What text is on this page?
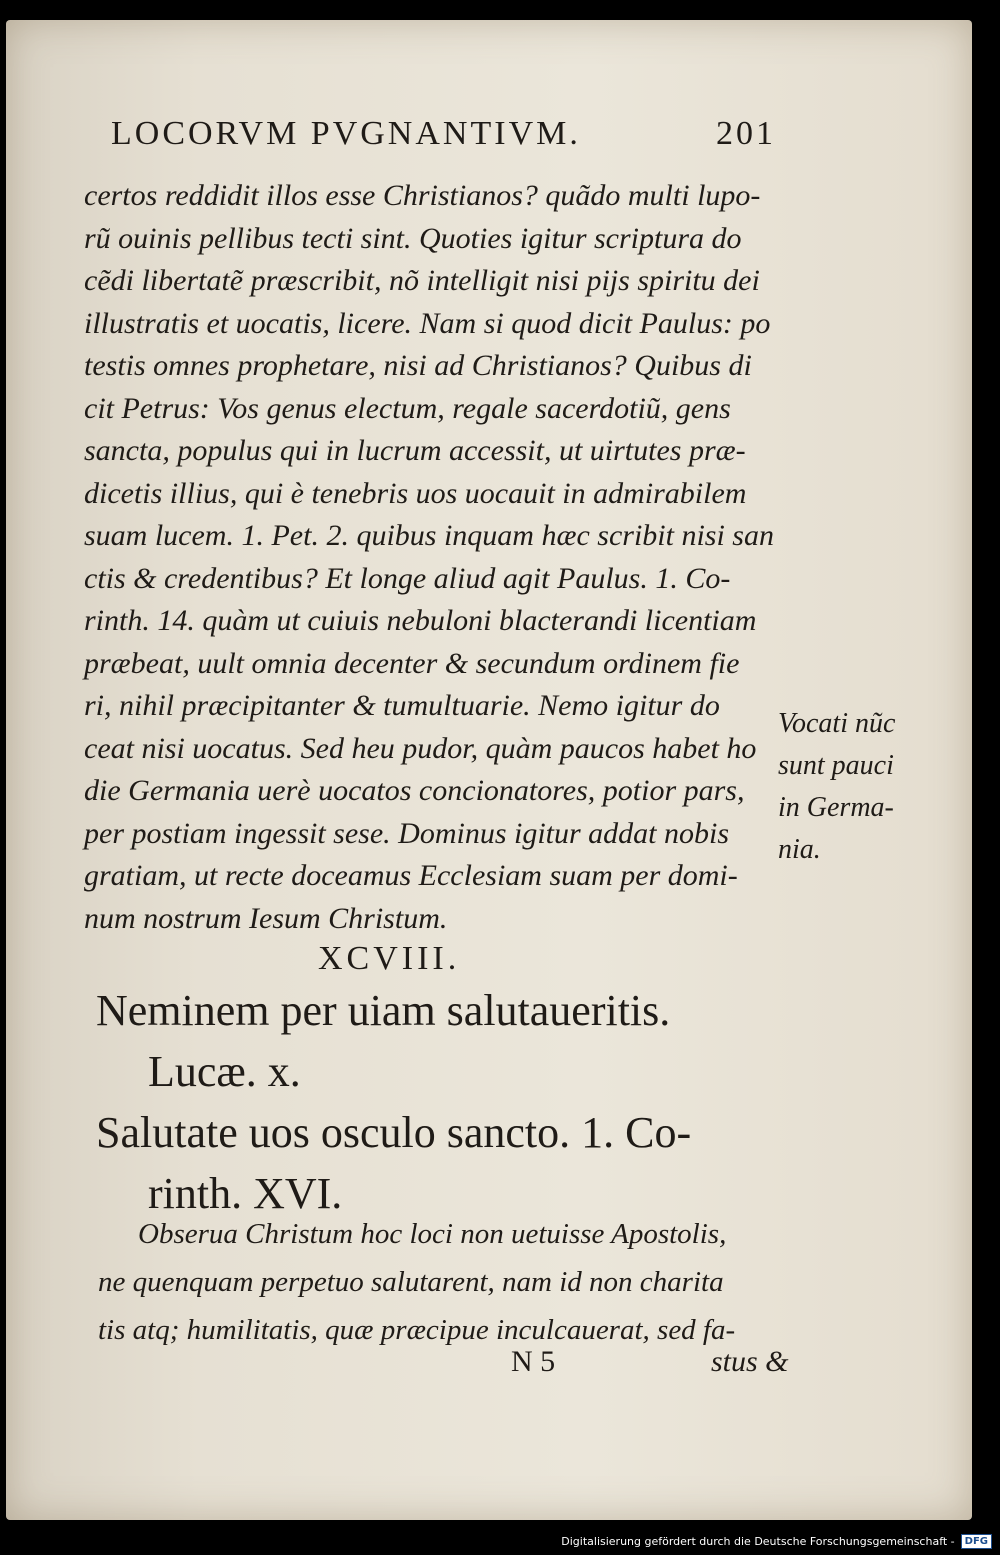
LOCORVM PVGNANTIVM.	201
certos reddidit illos esse Christianos? quãdo multi lupo-
rũ ouinis pellibus tecti sint. Quoties igitur scriptura do
cẽdi libertatẽ præscribit, nõ intelligit nisi pijs spiritu dei
illustratis et uocatis, licere. Nam si quod dicit Paulus: po
testis omnes prophetare, nisi ad Christianos? Quibus di
cit Petrus: Vos genus electum, regale sacerdotiũ, gens
sancta, populus qui in lucrum accessit, ut uirtutes præ-
dicetis illius, qui è tenebris uos uocauit in admirabilem
suam lucem. 1. Pet. 2. quibus inquam hæc scribit nisi san
ctis & credentibus? Et longe aliud agit Paulus. 1. Co-
rinth. 14. quàm ut cuiuis nebuloni blacterandi licentiam
præbeat, uult omnia decenter & secundum ordinem fie
ri, nihil præcipitanter & tumultuarie. Nemo igitur do
ceat nisi uocatus. Sed heu pudor, quàm paucos habet ho
die Germania uerè uocatos concionatores, potior pars,
per postiam ingessit sese. Dominus igitur addat nobis
gratiam, ut recte doceamus Ecclesiam suam per domi-
num nostrum Iesum Christum.
Vocati nũc
sunt pauci
in Germa-
nia.
XCVIII.
Neminem per uiam salutaueritis.
Lucæ. x.
Salutate uos osculo sancto. 1. Co-
rinth. XVI.
Obserua Christum hoc loci non uetuisse Apostolis,
ne quenquam perpetuo salutarent, nam id non charita
tis atq; humilitatis, quæ præcipue inculcauerat, sed fa-
N 5	stus &
Digitalisierung gefördert durch die Deutsche Forschungsgemeinschaft -	DFG
